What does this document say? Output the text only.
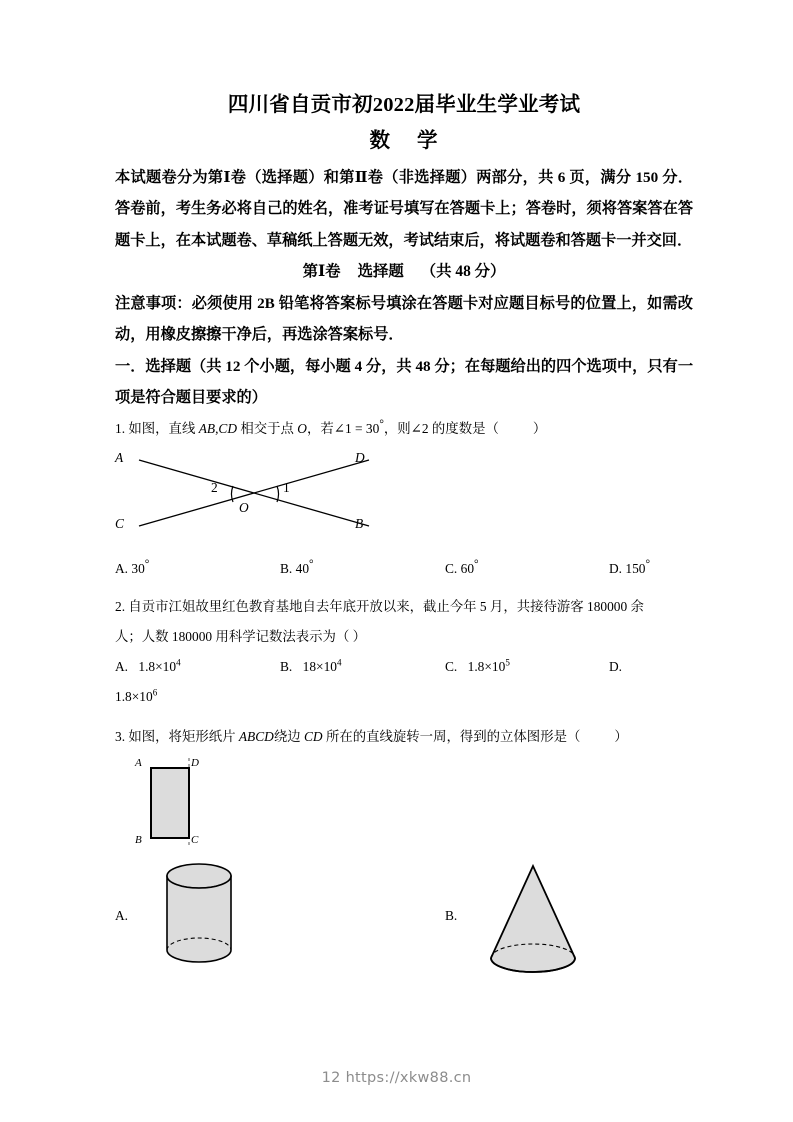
四川省自贡市初2022届毕业生学业考试
数 学
本试题卷分为第Ⅰ卷（选择题）和第Ⅱ卷（非选择题）两部分，共 6 页，满分 150 分．答卷前，考生务必将自己的姓名，准考证号填写在答题卡上；答卷时，须将答案答在答题卡上，在本试题卷、草稿纸上答题无效，考试结束后，将试题卷和答题卡一并交回．
第Ⅰ卷 选择题 （共 48 分）
注意事项：必须使用 2B 铅笔将答案标号填涂在答题卡对应题目标号的位置上，如需改动，用橡皮擦擦干净后，再选涂答案标号．
一．选择题（共 12 个小题，每小题 4 分，共 48 分；在每题给出的四个选项中，只有一项是符合题目要求的）
1. 如图，直线 AB,CD 相交于点 O，若∠1 = 30°，则∠2 的度数是（	）
A	D
C	B
O
2	1
A. 30°	B. 40°	C. 60°	D. 150°
2. 自贡市江姐故里红色教育基地自去年底开放以来，截止今年 5 月，共接待游客 180000 余
人；人数 180000 用科学记数法表示为（ ）
A. $1.8\times 10^4$	B. $18\times 10^4$	C. $1.8\times 10^5$	D.
$1.8\times 10^6$
3. 如图，将矩形纸片 ABCD绕边 CD 所在的直线旋转一周，得到的立体图形是（	）
A	D
B	C
A.	B.
12 https://xkw88.cn
